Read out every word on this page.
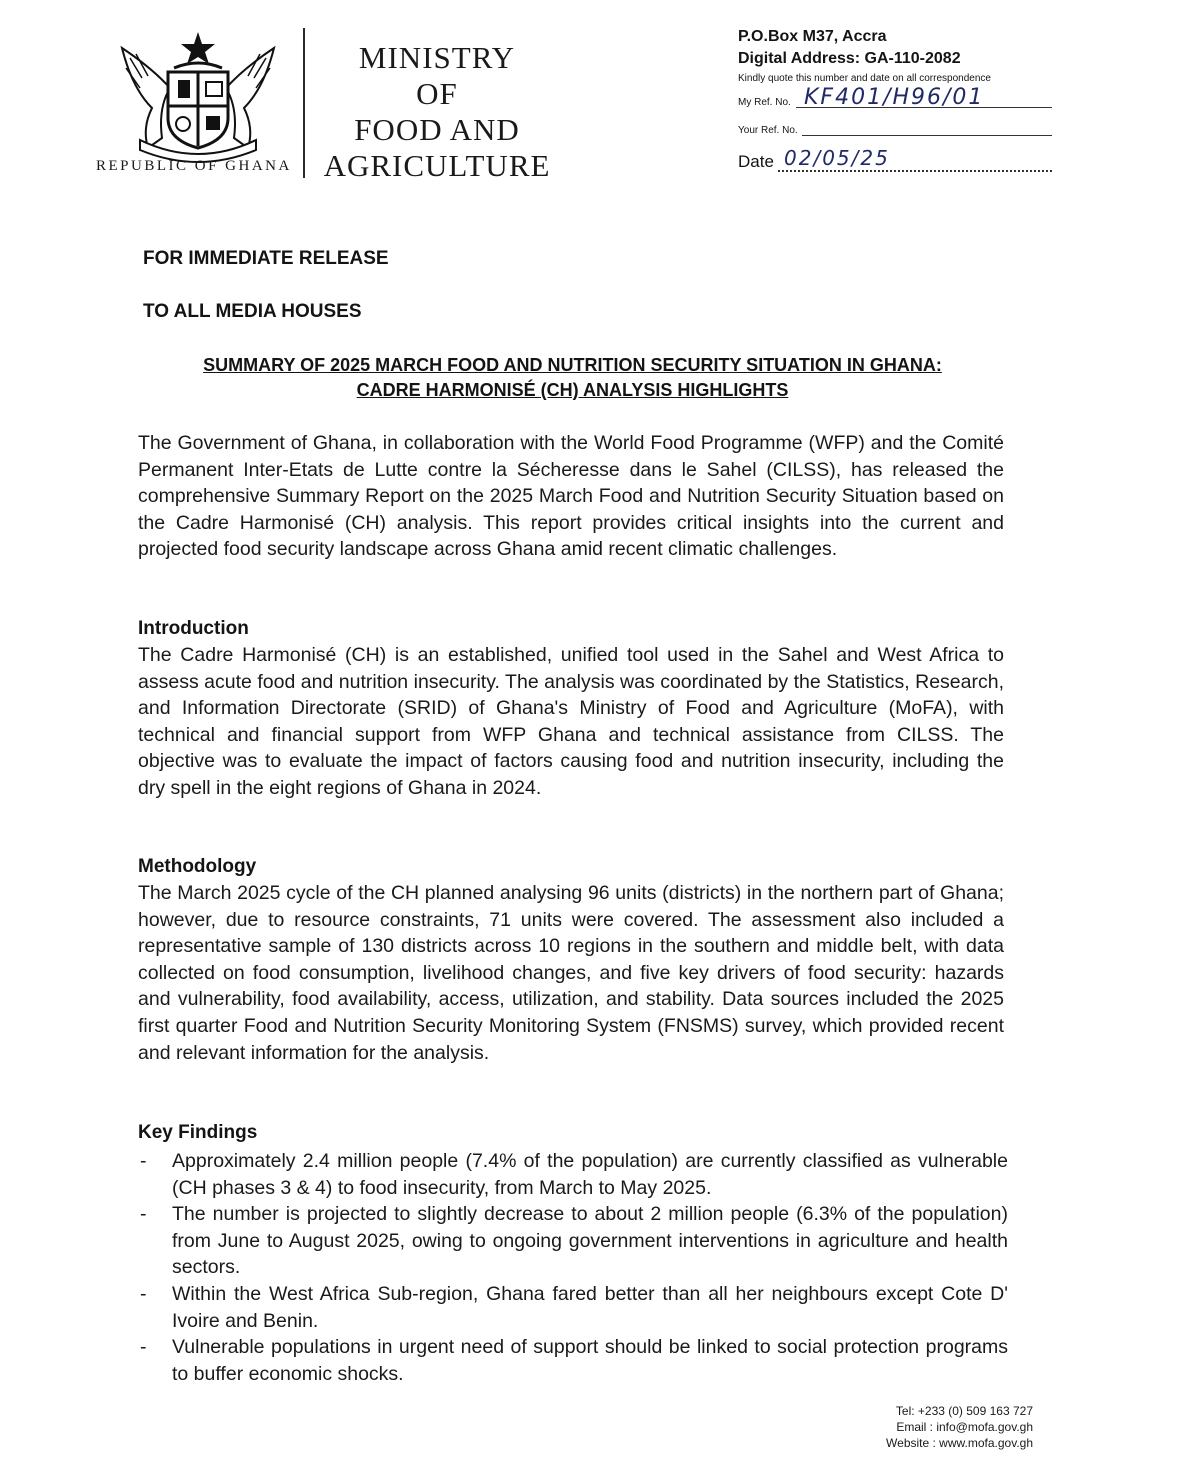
REPUBLIC OF GHANA
MINISTRY
OF
FOOD AND
AGRICULTURE
P.O.Box M37, Accra
Digital Address: GA-110-2082
Kindly quote this number and date on all correspondence
My Ref. No. KF401/H96/01
Your Ref. No.
Date 02/05/25
FOR IMMEDIATE RELEASE
TO ALL MEDIA HOUSES
SUMMARY OF 2025 MARCH FOOD AND NUTRITION SECURITY SITUATION IN GHANA:
CADRE HARMONISÉ (CH) ANALYSIS HIGHLIGHTS
The Government of Ghana, in collaboration with the World Food Programme (WFP) and the Comité Permanent Inter-Etats de Lutte contre la Sécheresse dans le Sahel (CILSS), has released the comprehensive Summary Report on the 2025 March Food and Nutrition Security Situation based on the Cadre Harmonisé (CH) analysis. This report provides critical insights into the current and projected food security landscape across Ghana amid recent climatic challenges.
Introduction
The Cadre Harmonisé (CH) is an established, unified tool used in the Sahel and West Africa to assess acute food and nutrition insecurity. The analysis was coordinated by the Statistics, Research, and Information Directorate (SRID) of Ghana's Ministry of Food and Agriculture (MoFA), with technical and financial support from WFP Ghana and technical assistance from CILSS. The objective was to evaluate the impact of factors causing food and nutrition insecurity, including the dry spell in the eight regions of Ghana in 2024.
Methodology
The March 2025 cycle of the CH planned analysing 96 units (districts) in the northern part of Ghana; however, due to resource constraints, 71 units were covered. The assessment also included a representative sample of 130 districts across 10 regions in the southern and middle belt, with data collected on food consumption, livelihood changes, and five key drivers of food security: hazards and vulnerability, food availability, access, utilization, and stability. Data sources included the 2025 first quarter Food and Nutrition Security Monitoring System (FNSMS) survey, which provided recent and relevant information for the analysis.
Key Findings
- Approximately 2.4 million people (7.4% of the population) are currently classified as vulnerable (CH phases 3 & 4) to food insecurity, from March to May 2025.
- The number is projected to slightly decrease to about 2 million people (6.3% of the population) from June to August 2025, owing to ongoing government interventions in agriculture and health sectors.
- Within the West Africa Sub-region, Ghana fared better than all her neighbours except Cote D' Ivoire and Benin.
- Vulnerable populations in urgent need of support should be linked to social protection programs to buffer economic shocks.
Tel: +233 (0) 509 163 727
Email : info@mofa.gov.gh
Website : www.mofa.gov.gh
